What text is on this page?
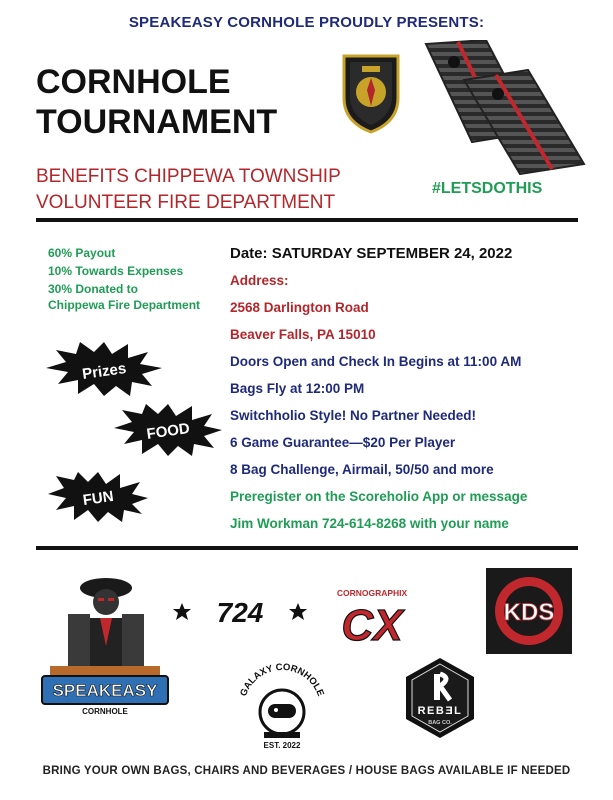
SPEAKEASY CORNHOLE PROUDLY PRESENTS:
CORNHOLE
TOURNAMENT
BENEFITS CHIPPEWA TOWNSHIP
VOLUNTEER FIRE DEPARTMENT
#LETSDOTHIS
60% Payout
10% Towards Expenses
30% Donated to
Chippewa Fire Department
Prizes
FOOD
FUN
Date: SATURDAY SEPTEMBER 24, 2022
Address:
2568 Darlington Road
Beaver Falls, PA 15010
Doors Open and Check In Begins at 11:00 AM
Bags Fly at 12:00 PM
Switchholio Style! No Partner Needed!
6 Game Guarantee—$20 Per Player
8 Bag Challenge, Airmail, 50/50 and more
Preregister on the Scoreholio App or message
Jim Workman 724-614-8268 with your name
SPEAKEASY
CORNHOLE
724
CORNOGRAPHIX
CX	KDS
GALAXY CORNHOLE
EST. 2022
REBƎL
BAG CO.
BRING YOUR OWN BAGS, CHAIRS AND BEVERAGES / HOUSE BAGS AVAILABLE IF NEEDED
